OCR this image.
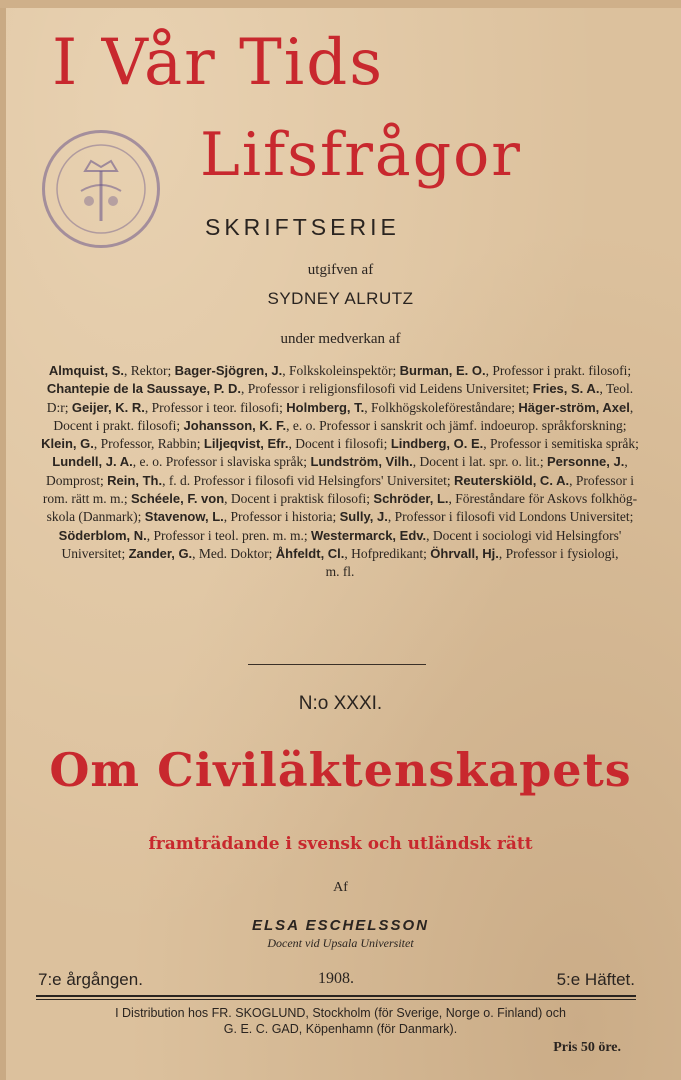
I Vår Tids
Lifsfrågor
SKRIFTSERIE
utgifven af
SYDNEY ALRUTZ
under medverkan af
Almquist, S., Rektor; Bager-Sjögren, J., Folkskoleinspektör; Burman, E. O., Professor i prakt. filosofi; Chantepie de la Saussaye, P. D., Professor i religionsfilosofi vid Leidens Universitet; Fries, S. A., Teol. D:r; Geijer, K. R., Professor i teor. filosofi; Holmberg, T., Folkhögskoleföreståndare; Häger-ström, Axel, Docent i prakt. filosofi; Johansson, K. F., e. o. Professor i sanskrit och jämf. indoeurop. språkforskning; Klein, G., Professor, Rabbin; Liljeqvist, Efr., Docent i filosofi; Lindberg, O. E., Professor i semitiska språk; Lundell, J. A., e. o. Professor i slaviska språk; Lundström, Vilh., Docent i lat. spr. o. lit.; Personne, J., Domprost; Rein, Th., f. d. Professor i filosofi vid Helsingfors' Universitet; Reuterskiöld, C. A., Professor i rom. rätt m. m.; Schéele, F. von, Docent i praktisk filosofi; Schröder, L., Föreståndare för Askovs folkhög-skola (Danmark); Stavenow, L., Professor i historia; Sully, J., Professor i filosofi vid Londons Universitet; Söderblom, N., Professor i teol. pren. m. m.; Westermarck, Edv., Docent i sociologi vid Helsingfors' Universitet; Zander, G., Med. Doktor; Åhfeldt, Cl., Hofpredikant; Öhrvall, Hj., Professor i fysiologi,
m. fl.
N:o XXXI.
Om Civiläktenskapets
framträdande i svensk och utländsk rätt
Af
ELSA ESCHELSSON
Docent vid Upsala Universitet
7:e årgången.	1908.	5:e Häftet.
I Distribution hos FR. SKOGLUND, Stockholm (för Sverige, Norge o. Finland) och
G. E. C. GAD, Köpenhamn (för Danmark).
Pris 50 öre.
